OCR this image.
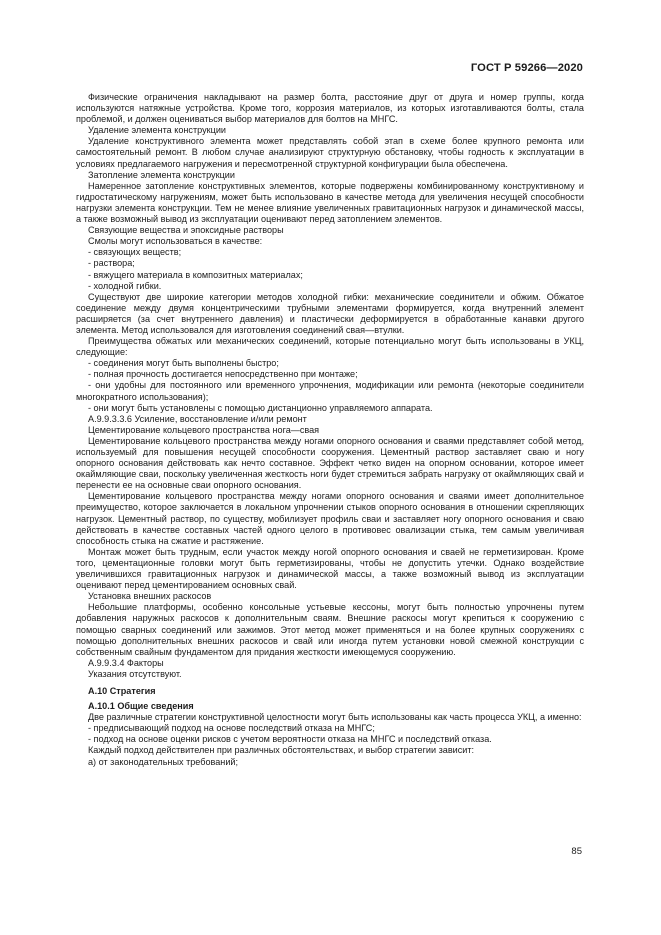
ГОСТ Р 59266—2020

Физические ограничения накладывают на размер болта, расстояние друг от друга и номер группы, когда используются натяжные устройства. Кроме того, коррозия материалов, из которых изготавливаются болты, стала проблемой, и должен оцениваться выбор материалов для болтов на МНГС.

Удаление элемента конструкции

Удаление конструктивного элемента может представлять собой этап в схеме более крупного ремонта или самостоятельный ремонт. В любом случае анализируют структурную обстановку, чтобы годность к эксплуатации в условиях предлагаемого нагружения и пересмотренной структурной конфигурации была обеспечена.

Затопление элемента конструкции

Намеренное затопление конструктивных элементов, которые подвержены комбинированному конструктивному и гидростатическому нагружениям, может быть использовано в качестве метода для увеличения несущей способности нагрузки элемента конструкции. Тем не менее влияние увеличенных гравитационных нагрузок и динамической массы, а также возможный вывод из эксплуатации оценивают перед затоплением элементов.

Связующие вещества и эпоксидные растворы

Смолы могут использоваться в качестве:

- связующих веществ;

- раствора;

- вяжущего материала в композитных материалах;

- холодной гибки.

Существуют две широкие категории методов холодной гибки: механические соединители и обжим. Обжатое соединение между двумя концентрическими трубными элементами формируется, когда внутренний элемент расширяется (за счет внутреннего давления) и пластически деформируется в обработанные канавки другого элемента. Метод использовался для изготовления соединений свая—втулки.

Преимущества обжатых или механических соединений, которые потенциально могут быть использованы в УКЦ, следующие:

- соединения могут быть выполнены быстро;

- полная прочность достигается непосредственно при монтаже;

- они удобны для постоянного или временного упрочнения, модификации или ремонта (некоторые соединители многократного использования);

- они могут быть установлены с помощью дистанционно управляемого аппарата.

А.9.9.3.3.6 Усиление, восстановление и/или ремонт

Цементирование кольцевого пространства нога—свая

Цементирование кольцевого пространства между ногами опорного основания и сваями представляет собой метод, используемый для повышения несущей способности сооружения. Цементный раствор заставляет сваю и ногу опорного основания действовать как нечто составное. Эффект четко виден на опорном основании, которое имеет окаймляющие сваи, поскольку увеличенная жесткость ноги будет стремиться забрать нагрузку от окаймляющих свай и перенести ее на основные сваи опорного основания.

Цементирование кольцевого пространства между ногами опорного основания и сваями имеет дополнительное преимущество, которое заключается в локальном упрочнении стыков опорного основания в отношении скрепляющих нагрузок. Цементный раствор, по существу, мобилизует профиль сваи и заставляет ногу опорного основания и сваю действовать в качестве составных частей одного целого в противовес овализации стыка, тем самым увеличивая способность стыка на сжатие и растяжение.

Монтаж может быть трудным, если участок между ногой опорного основания и сваей не герметизирован. Кроме того, цементационные головки могут быть герметизированы, чтобы не допустить утечки. Однако воздействие увеличившихся гравитационных нагрузок и динамической массы, а также возможный вывод из эксплуатации оценивают перед цементированием основных свай.

Установка внешних раскосов

Небольшие платформы, особенно консольные устьевые кессоны, могут быть полностью упрочнены путем добавления наружных раскосов к дополнительным сваям. Внешние раскосы могут крепиться к сооружению с помощью сварных соединений или зажимов. Этот метод может применяться и на более крупных сооружениях с помощью дополнительных внешних раскосов и свай или иногда путем установки новой смежной конструкции с собственным свайным фундаментом для придания жесткости имеющемуся сооружению.

А.9.9.3.4 Факторы

Указания отсутствуют.

А.10 Стратегия

А.10.1 Общие сведения

Две различные стратегии конструктивной целостности могут быть использованы как часть процесса УКЦ, а именно:

- предписывающий подход на основе последствий отказа на МНГС;

- подход на основе оценки рисков с учетом вероятности отказа на МНГС и последствий отказа.

Каждый подход действителен при различных обстоятельствах, и выбор стратегии зависит:

а) от законодательных требований;

85
